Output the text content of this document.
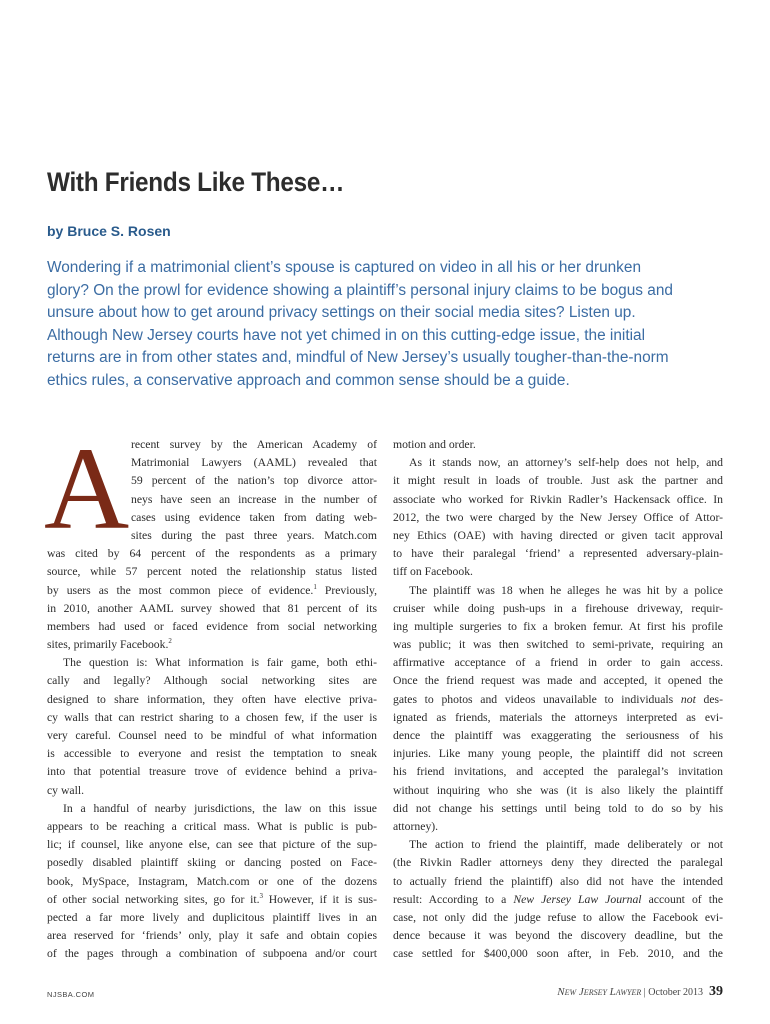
With Friends Like These…

by Bruce S. Rosen

Wondering if a matrimonial client’s spouse is captured on video in all his or her drunken
glory? On the prowl for evidence showing a plaintiff’s personal injury claims to be bogus and
unsure about how to get around privacy settings on their social media sites? Listen up.
Although New Jersey courts have not yet chimed in on this cutting-edge issue, the initial
returns are in from other states and, mindful of New Jersey’s usually tougher-than-the-norm
ethics rules, a conservative approach and common sense should be a guide.
A recent survey by the American Academy of
Matrimonial Lawyers (AAML) revealed that
59 percent of the nation’s top divorce attor-
neys have seen an increase in the number of
cases using evidence taken from dating web-
sites during the past three years. Match.com
was cited by 64 percent of the respondents as a primary
source, while 57 percent noted the relationship status listed
by users as the most common piece of evidence.$^1$ Previously,
in 2010, another AAML survey showed that 81 percent of its
members had used or faced evidence from social networking
sites, primarily Facebook.$^2$
The question is: What information is fair game, both ethi-
cally and legally? Although social networking sites are
designed to share information, they often have elective priva-
cy walls that can restrict sharing to a chosen few, if the user is
very careful. Counsel need to be mindful of what information
is accessible to everyone and resist the temptation to sneak
into that potential treasure trove of evidence behind a priva-
cy wall.
In a handful of nearby jurisdictions, the law on this issue
appears to be reaching a critical mass. What is public is pub-
lic; if counsel, like anyone else, can see that picture of the sup-
posedly disabled plaintiff skiing or dancing posted on Face-
book, MySpace, Instagram, Match.com or one of the dozens
of other social networking sites, go for it.$^3$ However, if it is sus-
pected a far more lively and duplicitous plaintiff lives in an
area reserved for ‘friends’ only, play it safe and obtain copies
of the pages through a combination of subpoena and/or court
motion and order.
As it stands now, an attorney’s self-help does not help, and
it might result in loads of trouble. Just ask the partner and
associate who worked for Rivkin Radler’s Hackensack office. In
2012, the two were charged by the New Jersey Office of Attor-
ney Ethics (OAE) with having directed or given tacit approval
to have their paralegal ‘friend’ a represented adversary-plain-
tiff on Facebook.
The plaintiff was 18 when he alleges he was hit by a police
cruiser while doing push-ups in a firehouse driveway, requir-
ing multiple surgeries to fix a broken femur. At first his profile
was public; it was then switched to semi-private, requiring an
affirmative acceptance of a friend in order to gain access.
Once the friend request was made and accepted, it opened the
gates to photos and videos unavailable to individuals not des-
ignated as friends, materials the attorneys interpreted as evi-
dence the plaintiff was exaggerating the seriousness of his
injuries. Like many young people, the plaintiff did not screen
his friend invitations, and accepted the paralegal’s invitation
without inquiring who she was (it is also likely the plaintiff
did not change his settings until being told to do so by his
attorney).
The action to friend the plaintiff, made deliberately or not
(the Rivkin Radler attorneys deny they directed the paralegal
to actually friend the plaintiff) also did not have the intended
result: According to a New Jersey Law Journal account of the
case, not only did the judge refuse to allow the Facebook evi-
dence because it was beyond the discovery deadline, but the
case settled for $400,000 soon after, in Feb. 2010, and the
NJSBA.COM	New Jersey Lawyer | October 2013 39
